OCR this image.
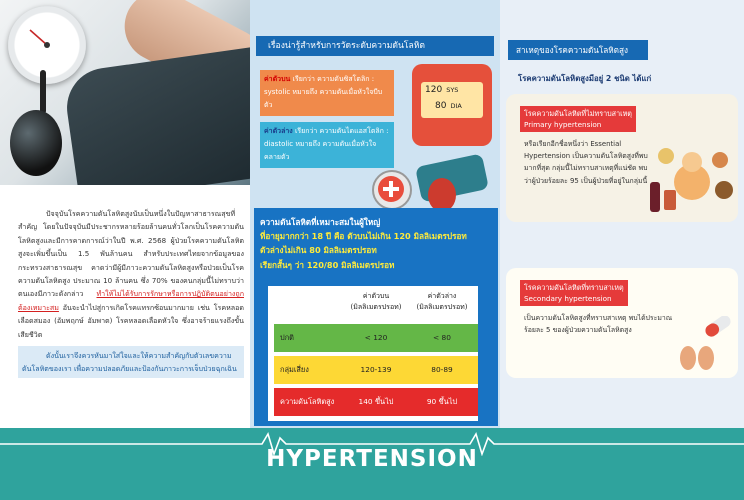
ปัจจุบันโรคความดันโลหิตสูงนับเป็นหนึ่งในปัญหาสาธารณสุขที่สำคัญ โดยในปัจจุบันมีประชากรหลายร้อยล้านคนทั่วโลกเป็นโรคความดันโลหิตสูงและมีการคาดการณ์ว่าในปี พ.ศ. 2568 ผู้ป่วยโรคความดันโลหิตสูงจะเพิ่มขึ้นเป็น 1.5 พันล้านคน สำหรับประเทศไทยจากข้อมูลของกระทรวงสาธารณสุข คาดว่ามีผู้มีภาวะความดันโลหิตสูงหรือป่วยเป็นโรคความดันโลหิตสูง ประมาณ 10 ล้านคน ซึ่ง 70% ของคนกลุ่มนี้ไม่ทราบว่าตนเองมีภาวะดังกล่าว ทำให้ไม่ได้รับการรักษาหรือการปฏิบัติตนอย่างถูกต้องเหมาะสม อันจะนำไปสู่การเกิดโรคแทรกซ้อนมากมาย เช่น โรคหลอดเลือดสมอง (อัมพฤกษ์ อัมพาต) โรคหลอดเลือดหัวใจ ซึ่งอาจร้ายแรงถึงขั้นเสียชีวิต

ดังนั้นเราจึงควรหันมาใส่ใจและให้ความสำคัญกับตัวเลขความดันโลหิตของเรา เพื่อความปลอดภัยและป้องกันภาวะการเจ็บป่วยฉุกเฉิน

เรื่องน่ารู้สำหรับการวัดระดับความดันโลหิต
ค่าตัวบน เรียกว่า ความดันซิสโตลิก : systolic หมายถึง ความดันเมื่อหัวใจบีบตัว
ค่าตัวล่าง เรียกว่า ความดันไดแอสโตลิก : diastolic หมายถึง ความดันเมื่อหัวใจคลายตัว
120 SYS
80 DIA
ความดันโลหิตที่เหมาะสมในผู้ใหญ่
ที่อายุมากกว่า 18 ปี คือ ตัวบนไม่เกิน 120 มิลลิเมตรปรอท
ตัวล่างไม่เกิน 80 มิลลิเมตรปรอท
เรียกสั้นๆ ว่า 120/80 มิลลิเมตรปรอท
ค่าตัวบน
(มิลลิเมตรปรอท)
ค่าตัวล่าง
(มิลลิเมตรปรอท)
ปกติ	< 120	< 80
กลุ่มเสี่ยง	120-139	80-89
ความดันโลหิตสูง	140 ขึ้นไป	90 ขึ้นไป
สาเหตุของโรคความดันโลหิตสูง
โรคความดันโลหิตสูงมีอยู่ 2 ชนิด ได้แก่
โรคความดันโลหิตที่ไม่ทราบสาเหตุ
Primary hypertension

หรือเรียกอีกชื่อหนึ่งว่า Essential Hypertension เป็นความดันโลหิตสูงที่พบมากที่สุด กลุ่มนี้ไม่ทราบสาเหตุที่แน่ชัด พบว่าผู้ป่วยร้อยละ 95 เป็นผู้ป่วยที่อยู่ในกลุ่มนี้

โรคความดันโลหิตที่ทราบสาเหตุ
Secondary hypertension

เป็นความดันโลหิตสูงที่ทราบสาเหตุ พบได้ประมาณร้อยละ 5 ของผู้ป่วยความดันโลหิตสูง

HYPERTENSION
